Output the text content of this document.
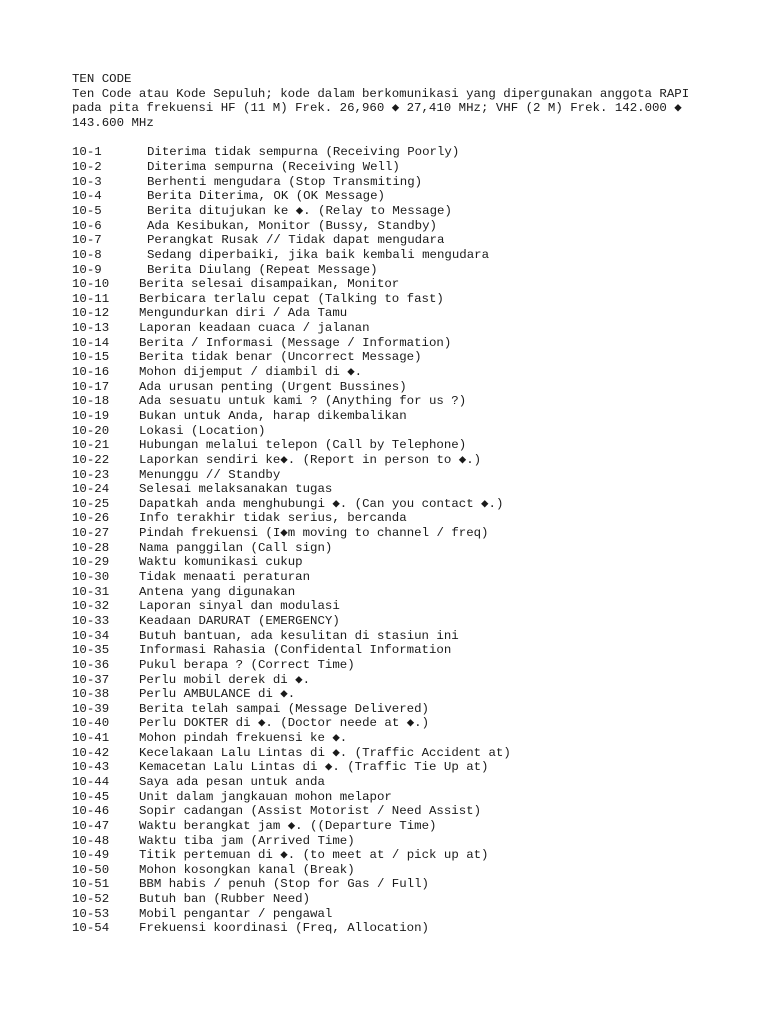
TEN CODE
Ten Code atau Kode Sepuluh; kode dalam berkomunikasi yang dipergunakan anggota RAPI
pada pita frekuensi HF (11 M) Frek. 26,960 ◆ 27,410 MHz; VHF (2 M) Frek. 142.000 ◆
143.600 MHz
10-1	Diterima tidak sempurna (Receiving Poorly)
10-2	Diterima sempurna (Receiving Well)
10-3	Berhenti mengudara (Stop Transmiting)
10-4	Berita Diterima, OK (OK Message)
10-5	Berita ditujukan ke ◆. (Relay to Message)
10-6	Ada Kesibukan, Monitor (Bussy, Standby)
10-7	Perangkat Rusak // Tidak dapat mengudara
10-8	Sedang diperbaiki, jika baik kembali mengudara
10-9	Berita Diulang (Repeat Message)
10-10	Berita selesai disampaikan, Monitor
10-11	Berbicara terlalu cepat (Talking to fast)
10-12	Mengundurkan diri / Ada Tamu
10-13	Laporan keadaan cuaca / jalanan
10-14	Berita / Informasi (Message / Information)
10-15	Berita tidak benar (Uncorrect Message)
10-16	Mohon dijemput / diambil di ◆.
10-17	Ada urusan penting (Urgent Bussines)
10-18	Ada sesuatu untuk kami ? (Anything for us ?)
10-19	Bukan untuk Anda, harap dikembalikan
10-20	Lokasi (Location)
10-21	Hubungan melalui telepon (Call by Telephone)
10-22	Laporkan sendiri ke◆. (Report in person to ◆.)
10-23	Menunggu // Standby
10-24	Selesai melaksanakan tugas
10-25	Dapatkah anda menghubungi ◆. (Can you contact ◆.)
10-26	Info terakhir tidak serius, bercanda
10-27	Pindah frekuensi (I◆m moving to channel / freq)
10-28	Nama panggilan (Call sign)
10-29	Waktu komunikasi cukup
10-30	Tidak menaati peraturan
10-31	Antena yang digunakan
10-32	Laporan sinyal dan modulasi
10-33	Keadaan DARURAT (EMERGENCY)
10-34	Butuh bantuan, ada kesulitan di stasiun ini
10-35	Informasi Rahasia (Confidental Information
10-36	Pukul berapa ? (Correct Time)
10-37	Perlu mobil derek di ◆.
10-38	Perlu AMBULANCE di ◆.
10-39	Berita telah sampai (Message Delivered)
10-40	Perlu DOKTER di ◆. (Doctor neede at ◆.)
10-41	Mohon pindah frekuensi ke ◆.
10-42	Kecelakaan Lalu Lintas di ◆. (Traffic Accident at)
10-43	Kemacetan Lalu Lintas di ◆. (Traffic Tie Up at)
10-44	Saya ada pesan untuk anda
10-45	Unit dalam jangkauan mohon melapor
10-46	Sopir cadangan (Assist Motorist / Need Assist)
10-47	Waktu berangkat jam ◆. ((Departure Time)
10-48	Waktu tiba jam (Arrived Time)
10-49	Titik pertemuan di ◆. (to meet at / pick up at)
10-50	Mohon kosongkan kanal (Break)
10-51	BBM habis / penuh (Stop for Gas / Full)
10-52	Butuh ban (Rubber Need)
10-53	Mobil pengantar / pengawal
10-54	Frekuensi koordinasi (Freq, Allocation)
